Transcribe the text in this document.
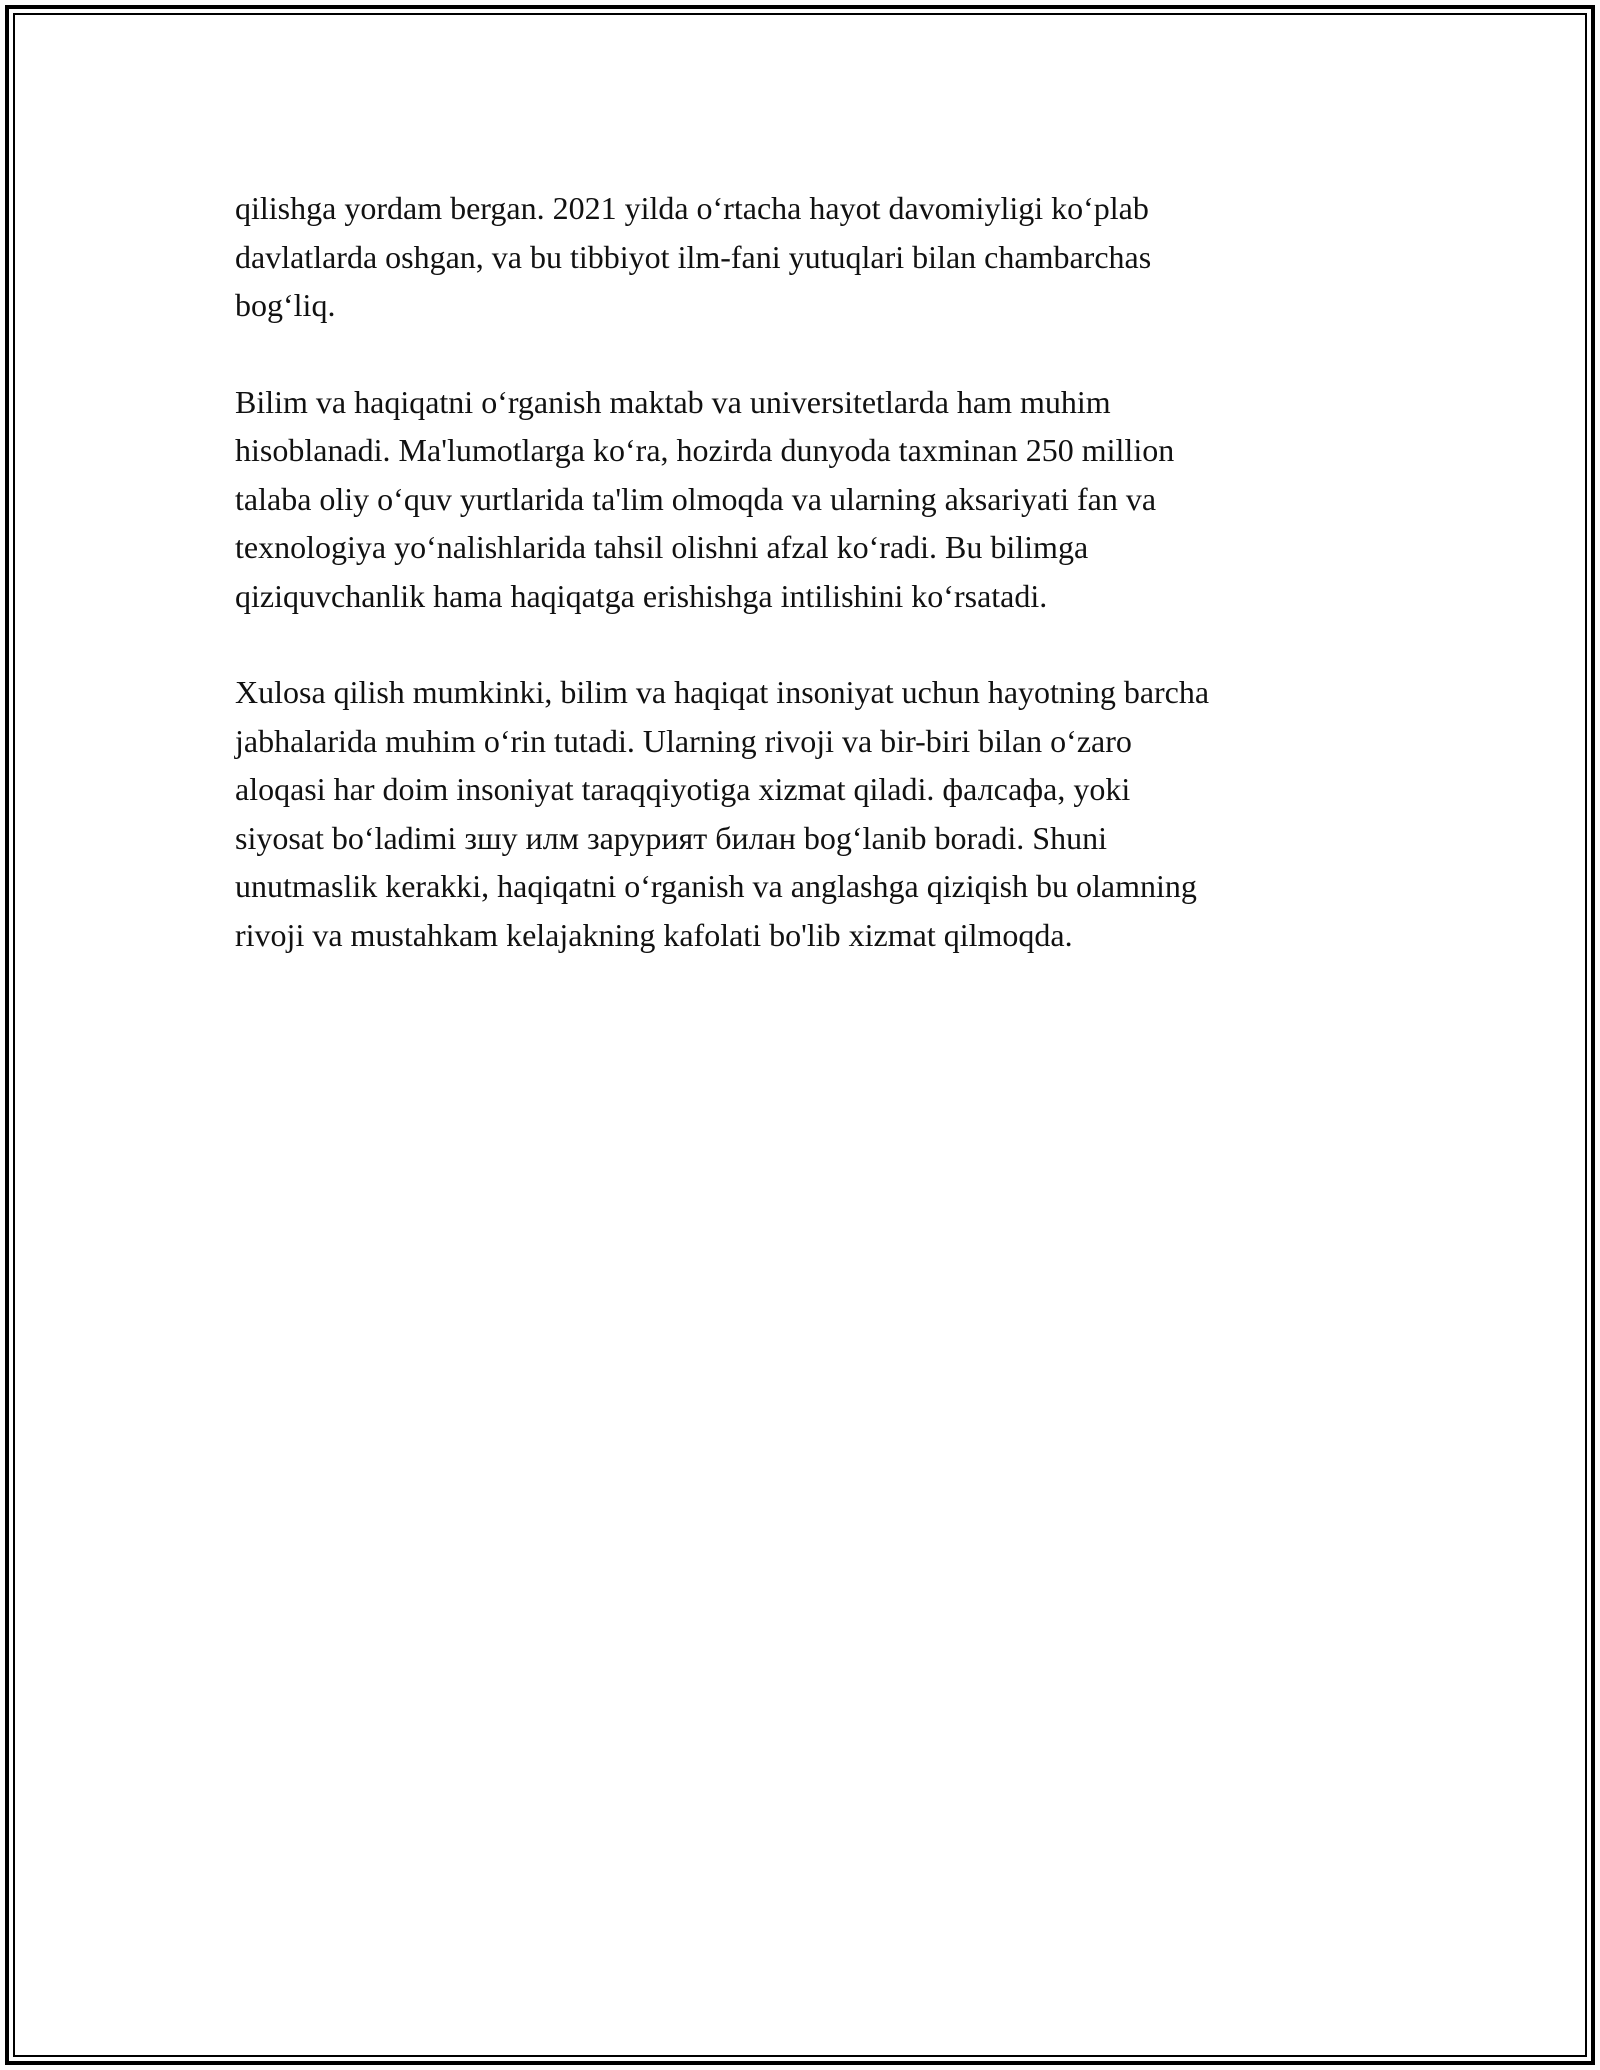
qilishga yordam bergan. 2021 yilda o‘rtacha hayot davomiyligi ko‘plab
davlatlarda oshgan, va bu tibbiyot ilm-fani yutuqlari bilan chambarchas
bog‘liq.

Bilim va haqiqatni o‘rganish maktab va universitetlarda ham muhim
hisoblanadi. Ma'lumotlarga ko‘ra, hozirda dunyoda taxminan 250 million
talaba oliy o‘quv yurtlarida ta'lim olmoqda va ularning aksariyati fan va
texnologiya yo‘nalishlarida tahsil olishni afzal ko‘radi. Bu bilimga
qiziquvchanlik hama haqiqatga erishishga intilishini ko‘rsatadi.

Xulosa qilish mumkinki, bilim va haqiqat insoniyat uchun hayotning barcha
jabhalarida muhim o‘rin tutadi. Ularning rivoji va bir-biri bilan o‘zaro
aloqasi har doim insoniyat taraqqiyotiga xizmat qiladi. фалсафа, yoki
siyosat bo‘ladimi зшу илм зарурият билан bog‘lanib boradi. Shuni
unutmaslik kerakki, haqiqatni o‘rganish va anglashga qiziqish bu olamning
rivoji va mustahkam kelajakning kafolati bo'lib xizmat qilmoqda.
